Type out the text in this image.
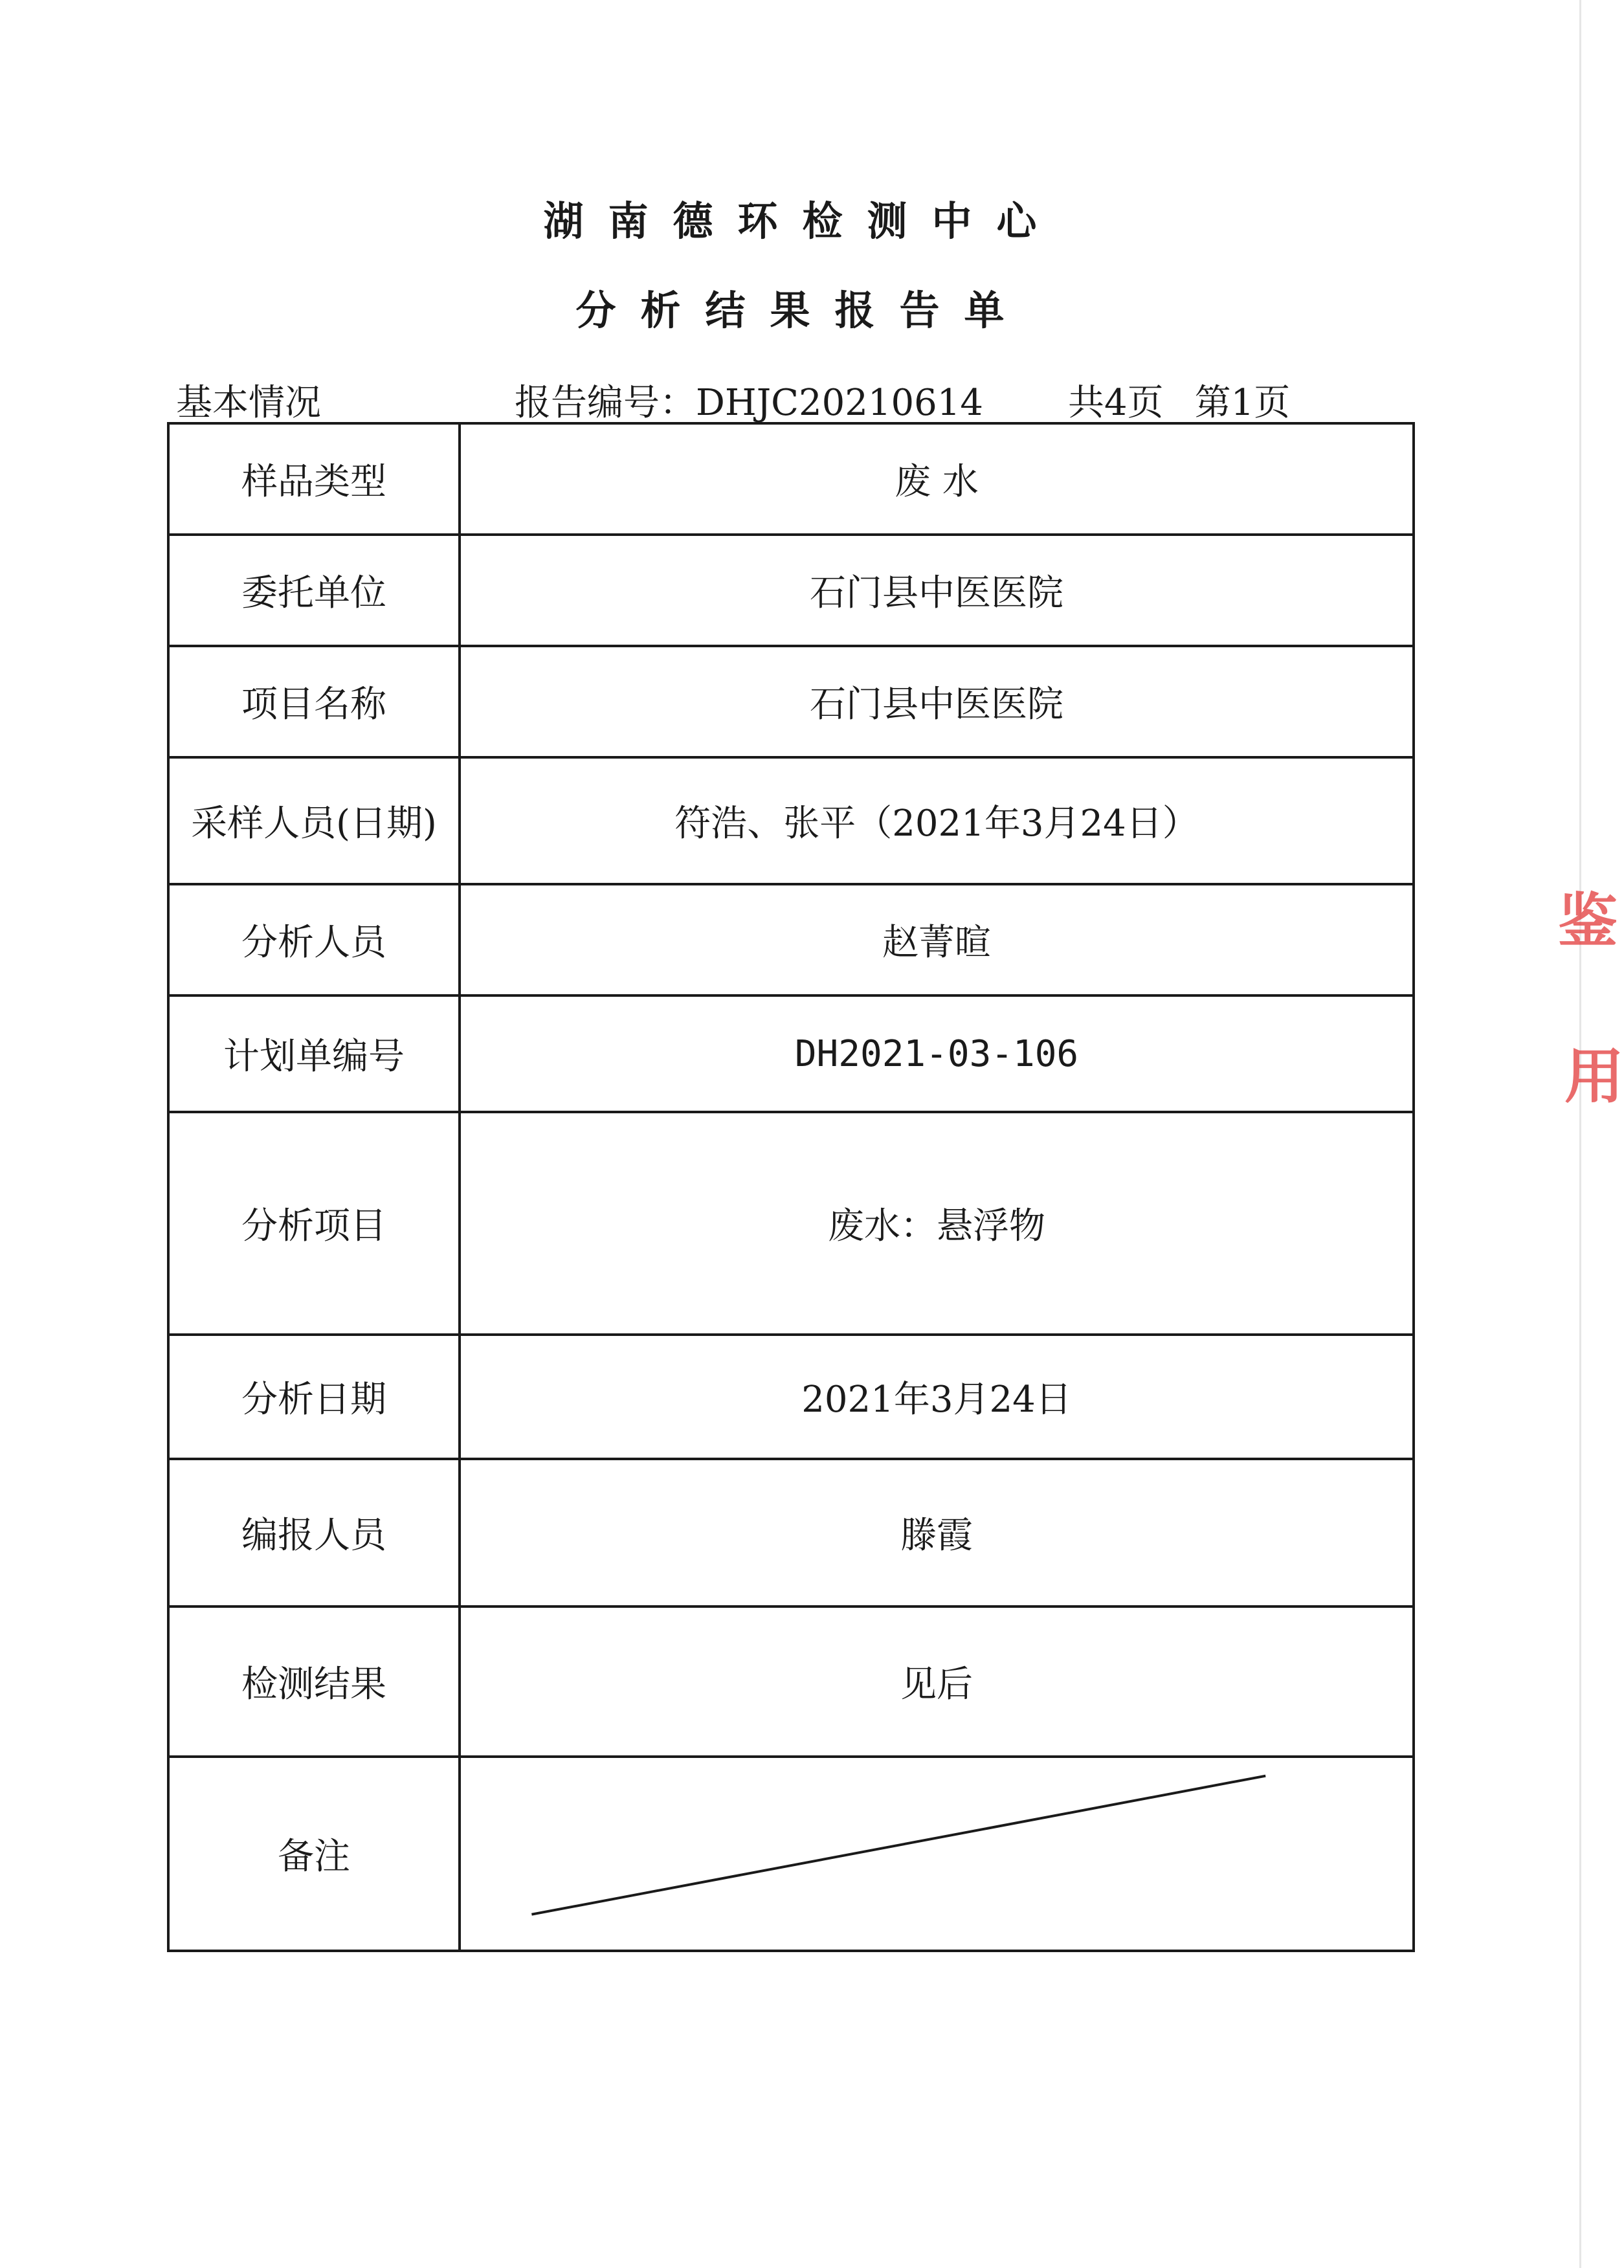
湖南德环检测中心
分析结果报告单
基本情况	报告编号：DHJC20210614 共4页 第1页
样品类型	废 水
委托单位	石门县中医医院
项目名称	石门县中医医院
采样人员(日期)	符浩、张平（2021年3月24日）
分析人员	赵菁暄
计划单编号	DH2021-03-106
分析项目	废水：悬浮物
分析日期	2021年3月24日
编报人员	滕霞
检测结果	见后
备注	
鉴
用
